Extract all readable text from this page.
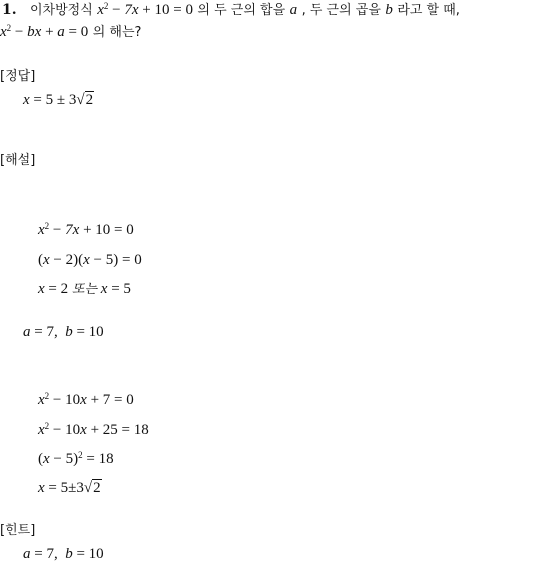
1. 이차방정식 $x^2 - 7x + 10 = 0$ 의 두 근의 합을 a , 두 근의 곱을 b 라고 할 때,
$x^2$ − bx + a = 0 의 해는?
[정답]
x = 5 ± 3√2
[해설]
$x^2 - 7x + 10 = 0$
(x − 2)(x − 5) = 0
x = 2 또는 x = 5
a = 7,  b = 10
$x^2 - 10x + 7 = 0$
$x^2 - 10x + 25 = 18$
$(x - 5)^2 = 18$
x = 5±3√2
[힌트]
a = 7,  b = 10
